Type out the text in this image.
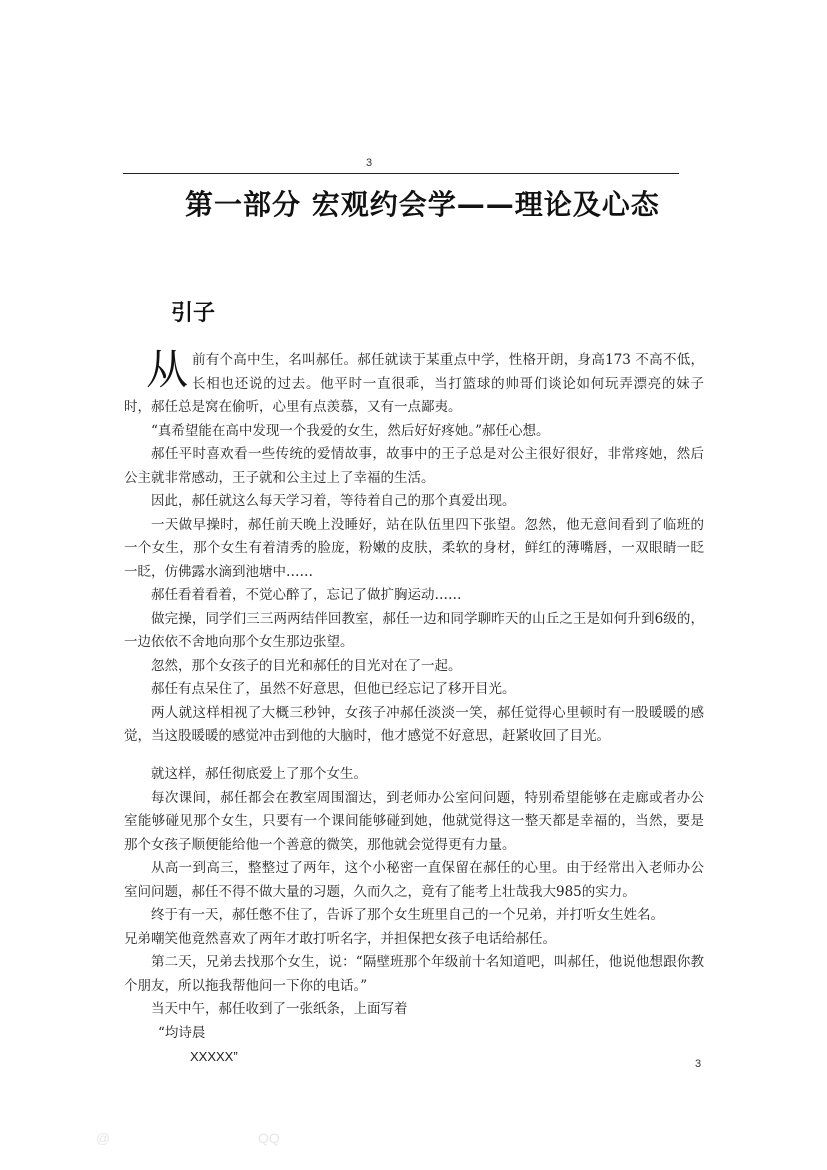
3
第一部分 宏观约会学——理论及心态
引子

从前有个高中生，名叫郝任。郝任就读于某重点中学，性格开朗，身高173 不高不低，长相也还说的过去。他平时一直很乖，当打篮球的帅哥们谈论如何玩弄漂亮的妹子时，郝任总是窝在偷听，心里有点羡慕，又有一点鄙夷。

“真希望能在高中发现一个我爱的女生，然后好好疼她。”郝任心想。

郝任平时喜欢看一些传统的爱情故事，故事中的王子总是对公主很好很好，非常疼她，然后公主就非常感动，王子就和公主过上了幸福的生活。

因此，郝任就这么每天学习着，等待着自己的那个真爱出现。

一天做早操时，郝任前天晚上没睡好，站在队伍里四下张望。忽然，他无意间看到了临班的一个女生，那个女生有着清秀的脸庞，粉嫩的皮肤，柔软的身材，鲜红的薄嘴唇，一双眼睛一眨一眨，仿佛露水滴到池塘中……

郝任看着看着，不觉心醉了，忘记了做扩胸运动……

做完操，同学们三三两两结伴回教室，郝任一边和同学聊昨天的山丘之王是如何升到6级的，一边依依不舍地向那个女生那边张望。

忽然，那个女孩子的目光和郝任的目光对在了一起。

郝任有点呆住了，虽然不好意思，但他已经忘记了移开目光。

两人就这样相视了大概三秒钟，女孩子冲郝任淡淡一笑，郝任觉得心里顿时有一股暖暖的感觉，当这股暖暖的感觉冲击到他的大脑时，他才感觉不好意思，赶紧收回了目光。

就这样，郝任彻底爱上了那个女生。

每次课间，郝任都会在教室周围溜达，到老师办公室问问题，特别希望能够在走廊或者办公室能够碰见那个女生，只要有一个课间能够碰到她，他就觉得这一整天都是幸福的，当然，要是那个女孩子顺便能给他一个善意的微笑，那他就会觉得更有力量。

从高一到高三，整整过了两年，这个小秘密一直保留在郝任的心里。由于经常出入老师办公室问问题，郝任不得不做大量的习题，久而久之，竟有了能考上壮哉我大985的实力。

终于有一天，郝任憋不住了，告诉了那个女生班里自己的一个兄弟，并打听女生姓名。

兄弟嘲笑他竟然喜欢了两年才敢打听名字，并担保把女孩子电话给郝任。

第二天，兄弟去找那个女生，说：“隔壁班那个年级前十名知道吧，叫郝任，他说他想跟你教个朋友，所以拖我帮他问一下你的电话。”

当天中午，郝任收到了一张纸条，上面写着

“均诗晨

XXXXX”	3
@	QQ
